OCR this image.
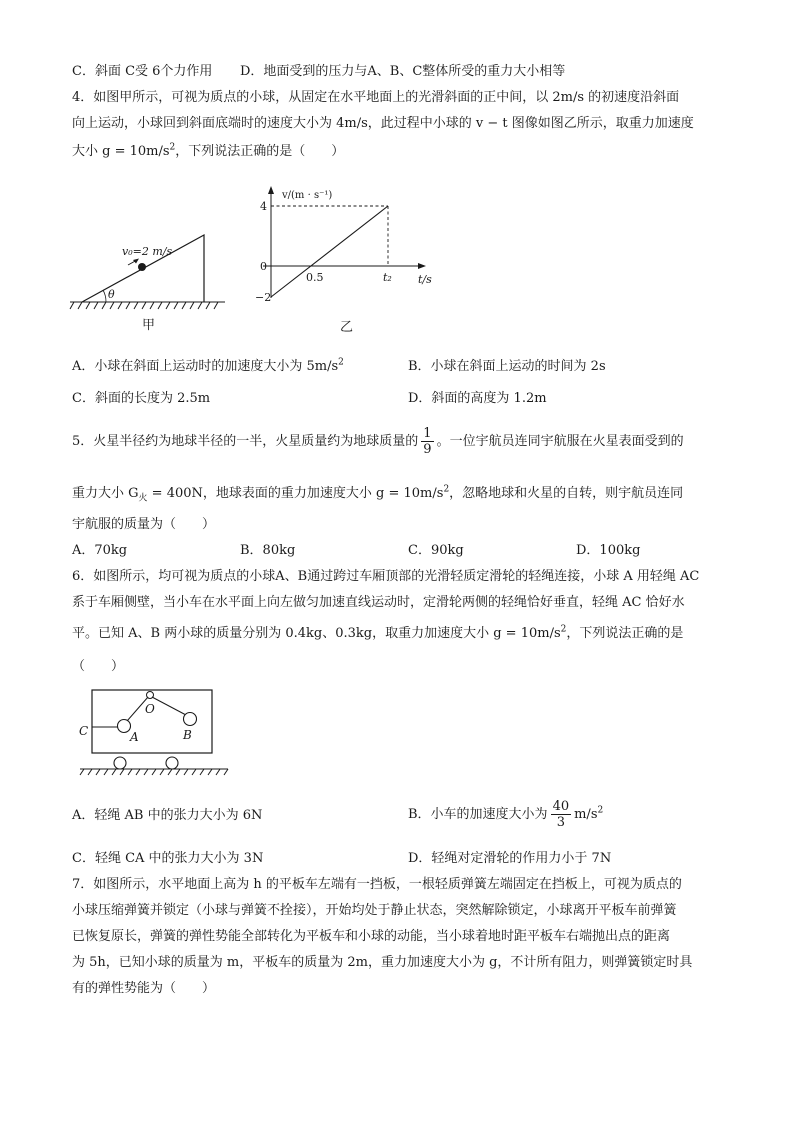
C．斜面 C受 6个力作用 D．地面受到的压力与A、B、C整体所受的重力大小相等
4．如图甲所示，可视为质点的小球，从固定在水平地面上的光滑斜面的正中间，以 2m/s 的初速度沿斜面
向上运动，小球回到斜面底端时的速度大小为 4m/s，此过程中小球的 v − t 图像如图乙所示，取重力加速度
大小 $g = 10m/s^2$，下列说法正确的是（　　）
v₀=2 m/s
θ
甲
v/(m · s⁻¹)
4
0
−2
0.5	t₂ t/s
乙
A．小球在斜面上运动时的加速度大小为 $5m/s^2$	B．小球在斜面上运动的时间为 2s
C．斜面的长度为 2.5m	D．斜面的高度为 1.2m
5．火星半径约为地球半径的一半，火星质量约为地球质量的 $\frac{1}{9}$ 。一位宇航员连同宇航服在火星表面受到的
重力大小 $G_火 = 400N$，地球表面的重力加速度大小 $g = 10m/s^2$，忽略地球和火星的自转，则宇航员连同
宇航服的质量为（　　）
A．70kg	B．80kg	C．90kg	D．100kg
6．如图所示，均可视为质点的小球A、B通过跨过车厢顶部的光滑轻质定滑轮的轻绳连接，小球 A 用轻绳 AC
系于车厢侧壁，当小车在水平面上向左做匀加速直线运动时，定滑轮两侧的轻绳恰好垂直，轻绳 AC 恰好水
平。已知 A、B 两小球的质量分别为 0.4kg、0.3kg，取重力加速度大小 $g = 10m/s^2$，下列说法正确的是
（　　）
C
O
A	B
A．轻绳 AB 中的张力大小为 6N	B．小车的加速度大小为 $\frac{40}{3} m/s^2$
C．轻绳 CA 中的张力大小为 3N	D．轻绳对定滑轮的作用力小于 7N
7．如图所示，水平地面上高为 h 的平板车左端有一挡板，一根轻质弹簧左端固定在挡板上，可视为质点的
小球压缩弹簧并锁定（小球与弹簧不拴接），开始均处于静止状态，突然解除锁定，小球离开平板车前弹簧
已恢复原长，弹簧的弹性势能全部转化为平板车和小球的动能，当小球着地时距平板车右端抛出点的距离
为 5h，已知小球的质量为 m，平板车的质量为 2m，重力加速度大小为 g，不计所有阻力，则弹簧锁定时具
有的弹性势能为（　　）
